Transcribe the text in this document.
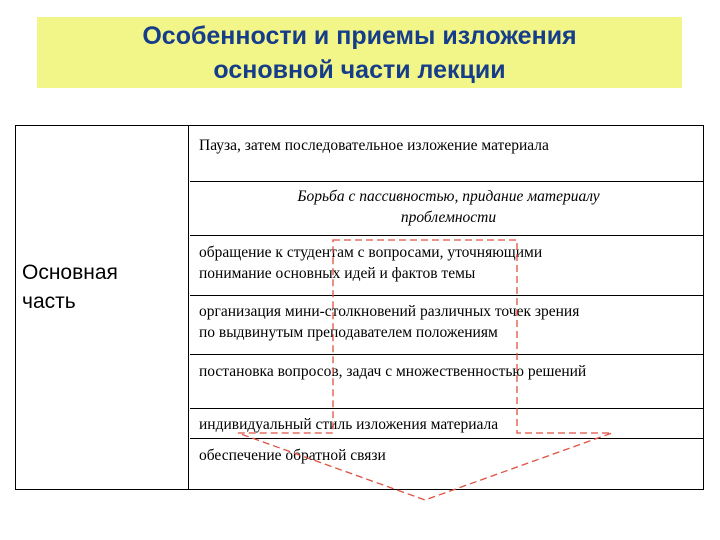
Особенности и приемы изложения
основной части лекции
Основная
часть
Пауза, затем последовательное изложение материала
Борьба с пассивностью, придание материалу
проблемности
обращение к студентам с вопросами, уточняющими
понимание основных идей и фактов темы
организация мини-столкновений различных точек зрения
по выдвинутым преподавателем положениям
постановка вопросов, задач с множественностью решений
индивидуальный стиль изложения материала
обеспечение обратной связи
